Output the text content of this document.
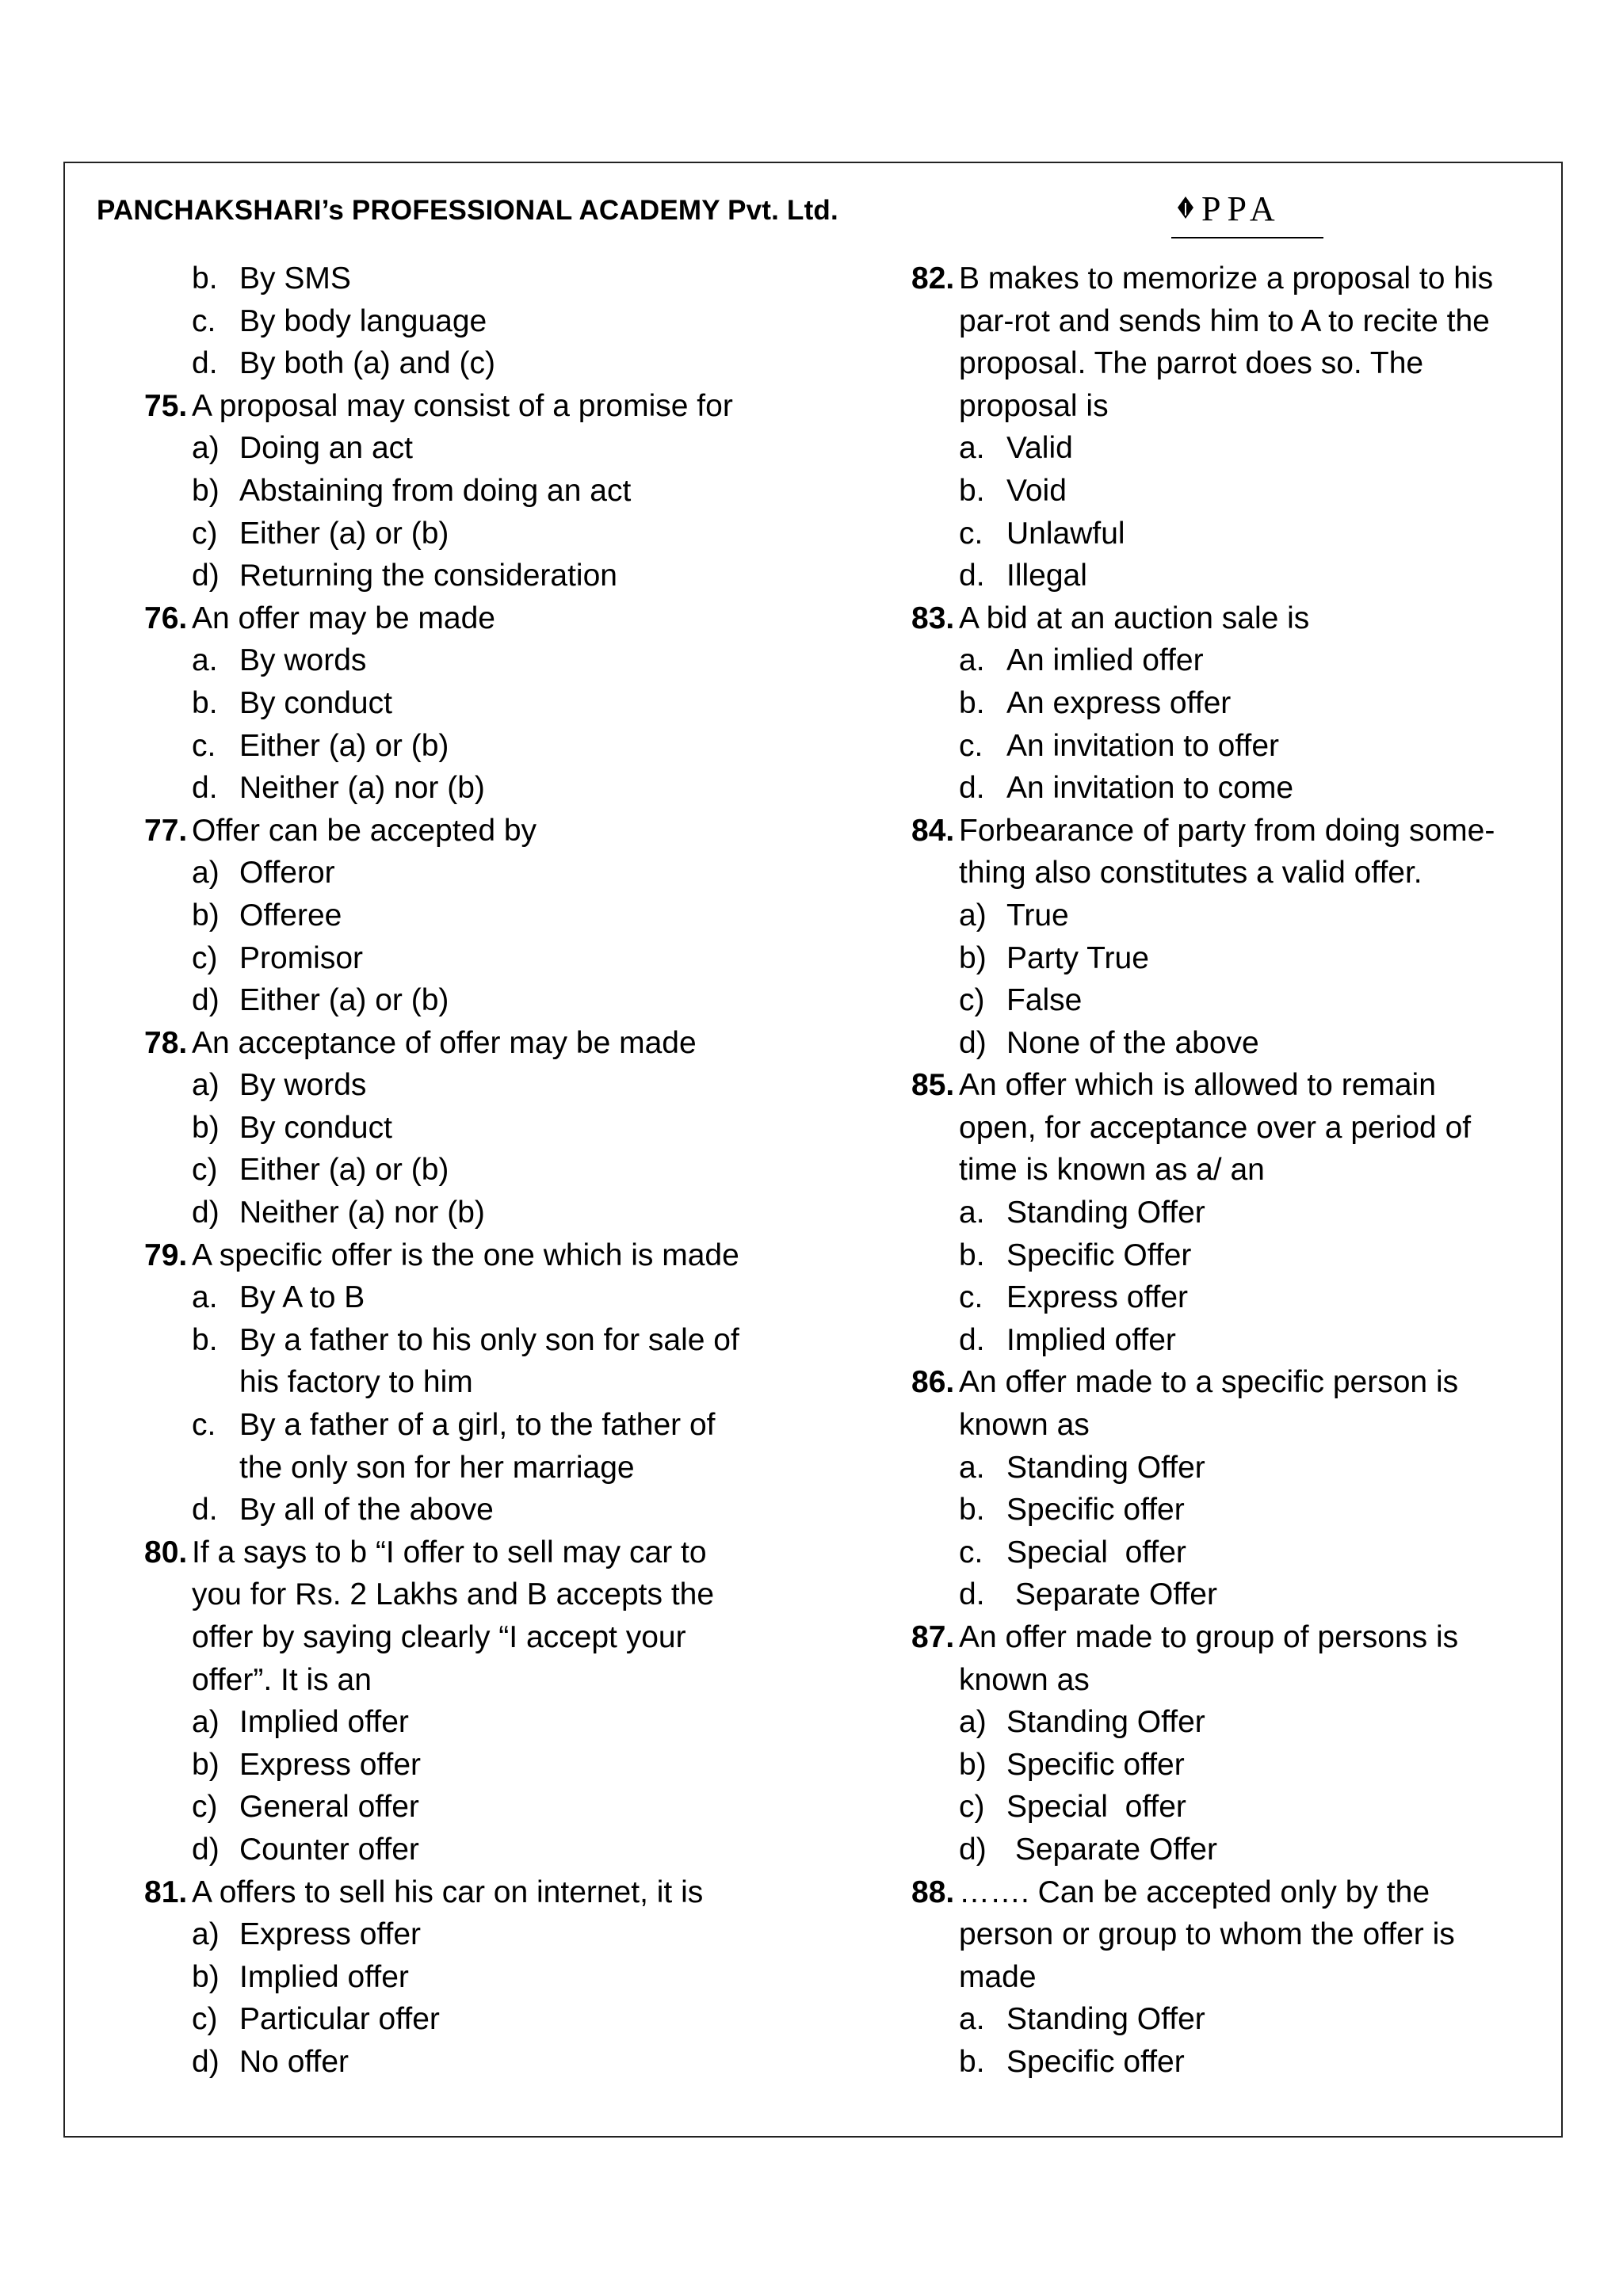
PANCHAKSHARI’s PROFESSIONAL ACADEMY Pvt. Ltd.	PPA
b. By SMS
c. By body language
d. By both (a) and (c)
75. A proposal may consist of a promise for
a) Doing an act
b) Abstaining from doing an act
c) Either (a) or (b)
d) Returning the consideration
76. An offer may be made
a. By words
b. By conduct
c. Either (a) or (b)
d. Neither (a) nor (b)
77. Offer can be accepted by
a) Offeror
b) Offeree
c) Promisor
d) Either (a) or (b)
78. An acceptance of offer may be made
a) By words
b) By conduct
c) Either (a) or (b)
d) Neither (a) nor (b)
79. A specific offer is the one which is made
a. By A to B
b. By a father to his only son for sale of
his factory to him
c. By a father of a girl, to the father of
the only son for her marriage
d. By all of the above
80. If a says to b “I offer to sell may car to
you for Rs. 2 Lakhs and B accepts the
offer by saying clearly “I accept your
offer”. It is an
a) Implied offer
b) Express offer
c) General offer
d) Counter offer
81. A offers to sell his car on internet, it is
a) Express offer
b) Implied offer
c) Particular offer
d) No offer
82. B makes to memorize a proposal to his
par-rot and sends him to A to recite the
proposal. The parrot does so. The
proposal is
a. Valid
b. Void
c. Unlawful
d. Illegal
83. A bid at an auction sale is
a. An imlied offer
b. An express offer
c. An invitation to offer
d. An invitation to come
84. Forbearance of party from doing some-
thing also constitutes a valid offer.
a) True
b) Party True
c) False
d) None of the above
85. An offer which is allowed to remain
open, for acceptance over a period of
time is known as a/ an
a. Standing Offer
b. Specific Offer
c. Express offer
d. Implied offer
86. An offer made to a specific person is
known as
a. Standing Offer
b. Specific offer
c. Special  offer
d. Separate Offer
87. An offer made to group of persons is
known as
a) Standing Offer
b) Specific offer
c) Special  offer
d) Separate Offer
88. ……. Can be accepted only by the
person or group to whom the offer is
made
a. Standing Offer
b. Specific offer
